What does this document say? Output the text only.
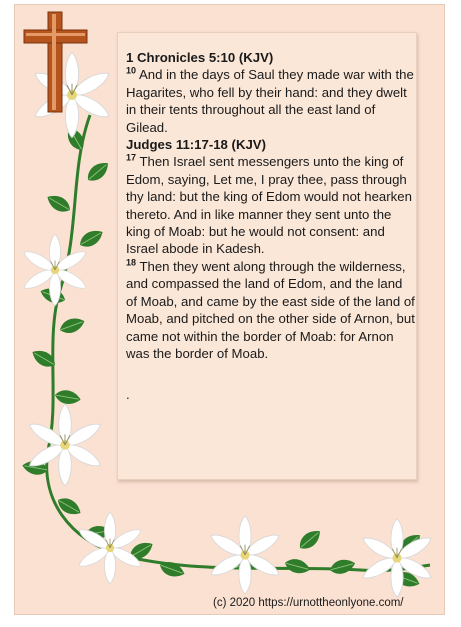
1 Chronicles 5:10 (KJV)

$^{10}$ And in the days of Saul they made war with the Hagarites, who fell by their hand: and they dwelt in their tents throughout all the east land of Gilead.

Judges 11:17-18 (KJV)

$^{17}$ Then Israel sent messengers unto the king of Edom, saying, Let me, I pray thee, pass through thy land: but the king of Edom would not hearken thereto. And in like manner they sent unto the king of Moab: but he would not consent: and Israel abode in Kadesh.

$^{18}$ Then they went along through the wilderness, and compassed the land of Edom, and the land of Moab, and came by the east side of the land of Moab, and pitched on the other side of Arnon, but came not within the border of Moab: for Arnon was the border of Moab.

.

(c) 2020 https://urnottheonlyone.com/
